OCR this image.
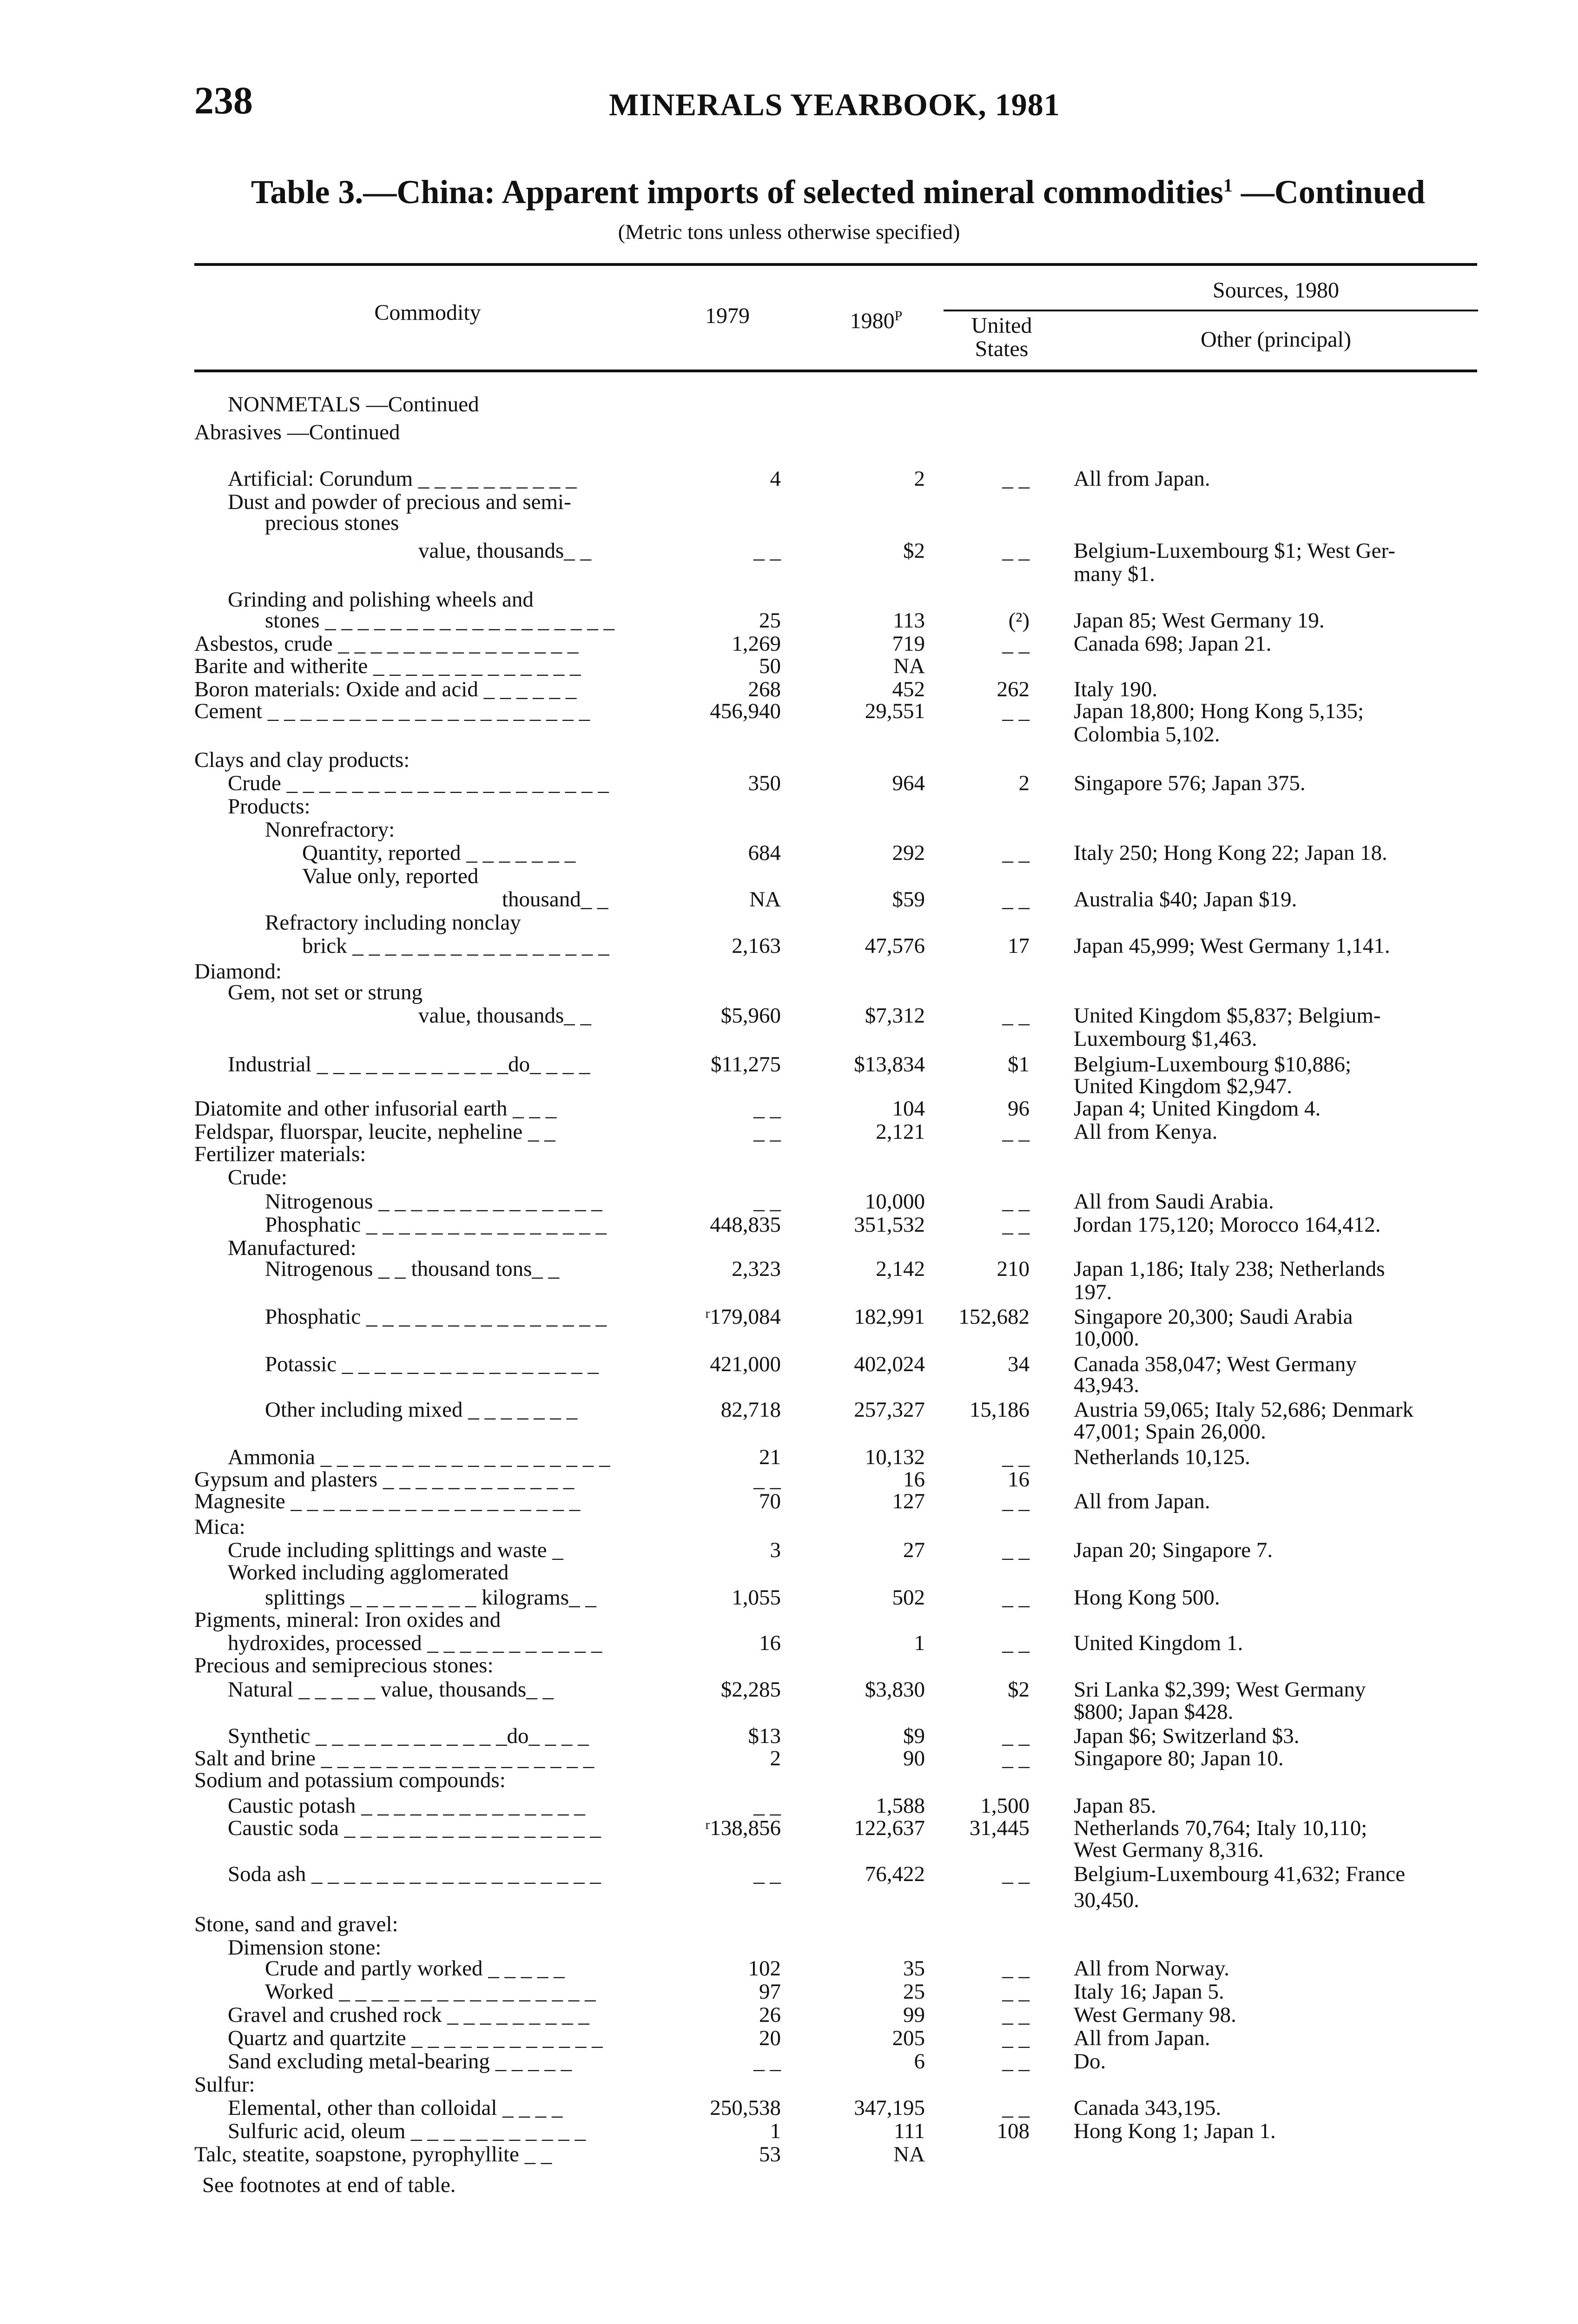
238	MINERALS YEARBOOK, 1981
Table 3.—China: Apparent imports of selected mineral commodities$^1$ —Continued
(Metric tons unless otherwise specified)
Commodity	1979	$1980^P$
Sources, 1980
United States	Other (principal)
NONMETALS —Continued
Abrasives —Continued
Artificial: Corundum _ _ _ _ _ _ _ _ _ _	4	2	_ _ All from Japan.
Dust and powder of precious and semi-
precious stones
value, thousands_ _	_ _	$2	_ _ Belgium-Luxembourg $1; West Ger-
many $1.
Grinding and polishing wheels and
stones _ _ _ _ _ _ _ _ _ _ _ _ _ _ _ _ _ _	25	113	(²) Japan 85; West Germany 19.
Asbestos, crude _ _ _ _ _ _ _ _ _ _ _ _ _ _ _	1,269	719	_ _ Canada 698; Japan 21.
Barite and witherite _ _ _ _ _ _ _ _ _ _ _ _ _	50	NA
Boron materials: Oxide and acid _ _ _ _ _ _	268	452	262 Italy 190.
Cement _ _ _ _ _ _ _ _ _ _ _ _ _ _ _ _ _ _ _ _	456,940	29,551	_ _ Japan 18,800; Hong Kong 5,135;
Colombia 5,102.
Clays and clay products:
Crude _ _ _ _ _ _ _ _ _ _ _ _ _ _ _ _ _ _ _ _	350	964	2 Singapore 576; Japan 375.
Products:
Nonrefractory:
Quantity, reported _ _ _ _ _ _ _	684	292	_ _ Italy 250; Hong Kong 22; Japan 18.
Value only, reported
thousand_ _	NA	$59	_ _ Australia $40; Japan $19.
Refractory including nonclay
brick _ _ _ _ _ _ _ _ _ _ _ _ _ _ _ _	2,163	47,576	17 Japan 45,999; West Germany 1,141.
Diamond:
Gem, not set or strung
value, thousands_ _	$5,960	$7,312	_ _ United Kingdom $5,837; Belgium-
Luxembourg $1,463.
Industrial _ _ _ _ _ _ _ _ _ _ _ _do_ _ _ _	$11,275	$13,834	$1 Belgium-Luxembourg $10,886;
United Kingdom $2,947.
Diatomite and other infusorial earth _ _ _	_ _	104	96 Japan 4; United Kingdom 4.
Feldspar, fluorspar, leucite, nepheline _ _	_ _	2,121	_ _ All from Kenya.
Fertilizer materials:
Crude:
Nitrogenous _ _ _ _ _ _ _ _ _ _ _ _ _ _	_ _	10,000	_ _ All from Saudi Arabia.
Phosphatic _ _ _ _ _ _ _ _ _ _ _ _ _ _ _	448,835	351,532	_ _ Jordan 175,120; Morocco 164,412.
Manufactured:
Nitrogenous _ _ thousand tons_ _	2,323	2,142	210 Japan 1,186; Italy 238; Netherlands
197.
Phosphatic _ _ _ _ _ _ _ _ _ _ _ _ _ _ _	ʳ179,084	182,991	152,682 Singapore 20,300; Saudi Arabia
10,000.
Potassic _ _ _ _ _ _ _ _ _ _ _ _ _ _ _ _	421,000	402,024	34 Canada 358,047; West Germany
43,943.
Other including mixed _ _ _ _ _ _ _	82,718	257,327	15,186 Austria 59,065; Italy 52,686; Denmark
47,001; Spain 26,000.
Ammonia _ _ _ _ _ _ _ _ _ _ _ _ _ _ _ _ _ _	21	10,132	_ _ Netherlands 10,125.
Gypsum and plasters _ _ _ _ _ _ _ _ _ _ _ _	_ _	16	16
Magnesite _ _ _ _ _ _ _ _ _ _ _ _ _ _ _ _ _ _	70	127	_ _ All from Japan.
Mica:
Crude including splittings and waste _	3	27	_ _ Japan 20; Singapore 7.
Worked including agglomerated
splittings _ _ _ _ _ _ _ _ kilograms_ _	1,055	502	_ _ Hong Kong 500.
Pigments, mineral: Iron oxides and
hydroxides, processed _ _ _ _ _ _ _ _ _ _ _	16	1	_ _ United Kingdom 1.
Precious and semiprecious stones:
Natural _ _ _ _ _ value, thousands_ _	$2,285	$3,830	$2 Sri Lanka $2,399; West Germany
$800; Japan $428.
Synthetic _ _ _ _ _ _ _ _ _ _ _ _do_ _ _ _	$13	$9	_ _ Japan $6; Switzerland $3.
Salt and brine _ _ _ _ _ _ _ _ _ _ _ _ _ _ _ _ _	2	90	_ _ Singapore 80; Japan 10.
Sodium and potassium compounds:
Caustic potash _ _ _ _ _ _ _ _ _ _ _ _ _ _	_ _	1,588	1,500 Japan 85.
Caustic soda _ _ _ _ _ _ _ _ _ _ _ _ _ _ _ _	ʳ138,856	122,637	31,445 Netherlands 70,764; Italy 10,110;
West Germany 8,316.
Soda ash _ _ _ _ _ _ _ _ _ _ _ _ _ _ _ _ _ _	_ _	76,422	_ _ Belgium-Luxembourg 41,632; France
30,450.
Stone, sand and gravel:
Dimension stone:
Crude and partly worked _ _ _ _ _	102	35	_ _ All from Norway.
Worked _ _ _ _ _ _ _ _ _ _ _ _ _ _ _ _	97	25	_ _ Italy 16; Japan 5.
Gravel and crushed rock _ _ _ _ _ _ _ _ _	26	99	_ _ West Germany 98.
Quartz and quartzite _ _ _ _ _ _ _ _ _ _ _ _	20	205	_ _ All from Japan.
Sand excluding metal-bearing _ _ _ _ _	_ _	6	_ _ Do.
Sulfur:
Elemental, other than colloidal _ _ _ _	250,538	347,195	_ _ Canada 343,195.
Sulfuric acid, oleum _ _ _ _ _ _ _ _ _ _ _	1	111	108 Hong Kong 1; Japan 1.
Talc, steatite, soapstone, pyrophyllite _ _	53	NA
See footnotes at end of table.
